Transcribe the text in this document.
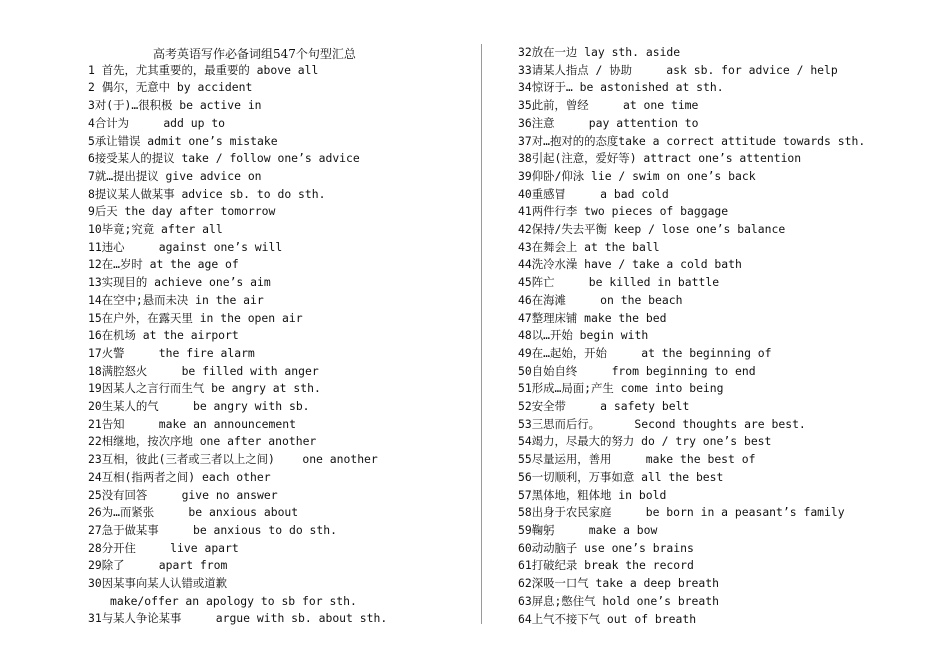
高考英语写作必备词组547个句型汇总
1 首先，尤其重要的，最重要的 above all
2 偶尔，无意中 by accident
3对(于)…很积极 be active in
4合计为     add up to
5承让错误 admit one’s mistake
6接受某人的提议 take / follow one’s advice
7就…提出提议 give advice on
8提议某人做某事 advice sb. to do sth.
9后天 the day after tomorrow
10毕竟;究竟 after all
11违心     against one’s will
12在…岁时 at the age of
13实现目的 achieve one’s aim
14在空中;悬而未决 in the air
15在户外，在露天里 in the open air
16在机场 at the airport
17火警     the fire alarm
18满腔怒火     be filled with anger
19因某人之言行而生气 be angry at sth.
20生某人的气     be angry with sb.
21告知     make an announcement
22相继地，按次序地 one after another
23互相，彼此(三者或三者以上之间)    one another
24互相(指两者之间) each other
25没有回答     give no answer
26为…而紧张     be anxious about
27急于做某事     be anxious to do sth.
28分开住     live apart
29除了     apart from
30因某事向某人认错或道歉
make/offer an apology to sb for sth.
31与某人争论某事     argue with sb. about sth.
32放在一边 lay sth. aside
33请某人指点 / 协助     ask sb. for advice / help
34惊讶于… be astonished at sth.
35此前，曾经     at one time
36注意     pay attention to
37对…抱对的的态度take a correct attitude towards sth.
38引起(注意，爱好等) attract one’s attention
39仰卧/仰泳 lie / swim on one’s back
40重感冒     a bad cold
41两件行李 two pieces of baggage
42保持/失去平衡 keep / lose one’s balance
43在舞会上 at the ball
44洗冷水澡 have / take a cold bath
45阵亡     be killed in battle
46在海滩     on the beach
47整理床铺 make the bed
48以…开始 begin with
49在…起始，开始     at the beginning of
50自始自终     from beginning to end
51形成…局面;产生 come into being
52安全带     a safety belt
53三思而后行。     Second thoughts are best.
54竭力，尽最大的努力 do / try one’s best
55尽量运用，善用     make the best of
56一切顺利，万事如意 all the best
57黑体地，粗体地 in bold
58出身于农民家庭     be born in a peasant’s family
59鞠躬     make a bow
60动动脑子 use one’s brains
61打破纪录 break the record
62深吸一口气 take a deep breath
63屏息;憋住气 hold one’s breath
64上气不接下气 out of breath
